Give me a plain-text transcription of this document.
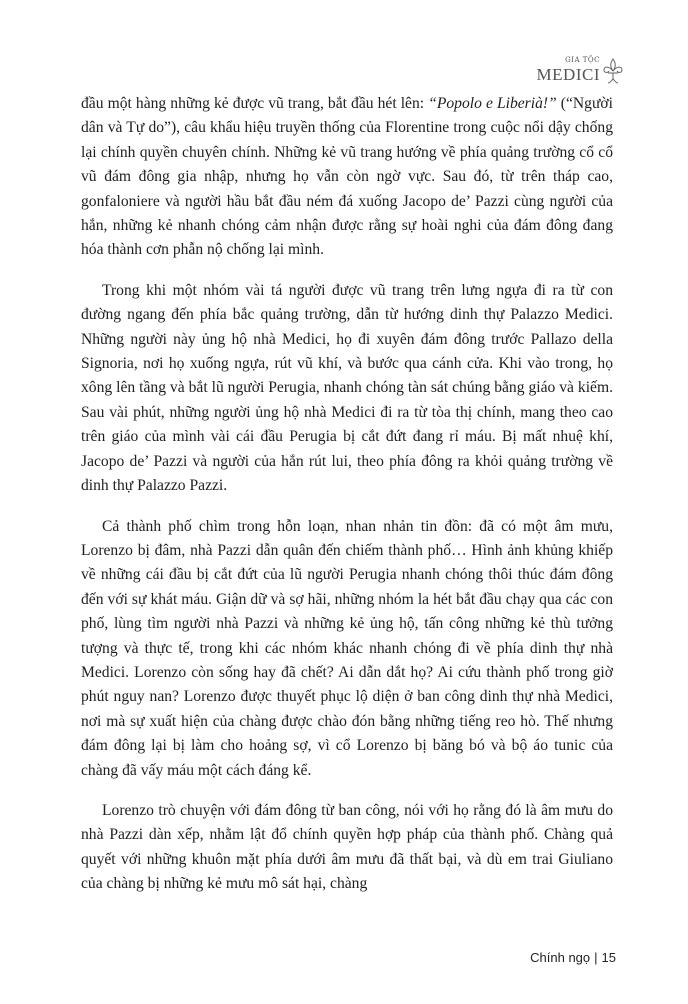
GIA TỘC
MEDICI

đầu một hàng những kẻ được vũ trang, bắt đầu hét lên: “Popolo e Liberià!” (“Người dân và Tự do”), câu khẩu hiệu truyền thống của Florentine trong cuộc nổi dậy chống lại chính quyền chuyên chính. Những kẻ vũ trang hướng về phía quảng trường cổ cổ vũ đám đông gia nhập, nhưng họ vẫn còn ngờ vực. Sau đó, từ trên tháp cao, gonfaloniere và người hầu bắt đầu ném đá xuống Jacopo de’ Pazzi cùng người của hắn, những kẻ nhanh chóng cảm nhận được rằng sự hoài nghi của đám đông đang hóa thành cơn phẫn nộ chống lại mình.

Trong khi một nhóm vài tá người được vũ trang trên lưng ngựa đi ra từ con đường ngang đến phía bắc quảng trường, dẫn từ hướng dinh thự Palazzo Medici. Những người này ủng hộ nhà Medici, họ đi xuyên đám đông trước Pallazo della Signoria, nơi họ xuống ngựa, rút vũ khí, và bước qua cánh cửa. Khi vào trong, họ xông lên tầng và bắt lũ người Perugia, nhanh chóng tàn sát chúng bằng giáo và kiếm. Sau vài phút, những người ủng hộ nhà Medici đi ra từ tòa thị chính, mang theo cao trên giáo của mình vài cái đầu Perugia bị cắt đứt đang rỉ máu. Bị mất nhuệ khí, Jacopo de’ Pazzi và người của hắn rút lui, theo phía đông ra khỏi quảng trường về dinh thự Palazzo Pazzi.

Cả thành phố chìm trong hỗn loạn, nhan nhản tin đồn: đã có một âm mưu, Lorenzo bị đâm, nhà Pazzi dẫn quân đến chiếm thành phố… Hình ảnh khủng khiếp về những cái đầu bị cắt đứt của lũ người Perugia nhanh chóng thôi thúc đám đông đến với sự khát máu. Giận dữ và sợ hãi, những nhóm la hét bắt đầu chạy qua các con phố, lùng tìm người nhà Pazzi và những kẻ ủng hộ, tấn công những kẻ thù tưởng tượng và thực tế, trong khi các nhóm khác nhanh chóng đi về phía dinh thự nhà Medici. Lorenzo còn sống hay đã chết? Ai dẫn dắt họ? Ai cứu thành phố trong giờ phút nguy nan? Lorenzo được thuyết phục lộ diện ở ban công dinh thự nhà Medici, nơi mà sự xuất hiện của chàng được chào đón bằng những tiếng reo hò. Thế nhưng đám đông lại bị làm cho hoảng sợ, vì cổ Lorenzo bị băng bó và bộ áo tunic của chàng đã vấy máu một cách đáng kể.

Lorenzo trò chuyện với đám đông từ ban công, nói với họ rằng đó là âm mưu do nhà Pazzi dàn xếp, nhằm lật đổ chính quyền hợp pháp của thành phố. Chàng quả quyết với những khuôn mặt phía dưới âm mưu đã thất bại, và dù em trai Giuliano của chàng bị những kẻ mưu mô sát hại, chàng

Chính ngọ | 15
